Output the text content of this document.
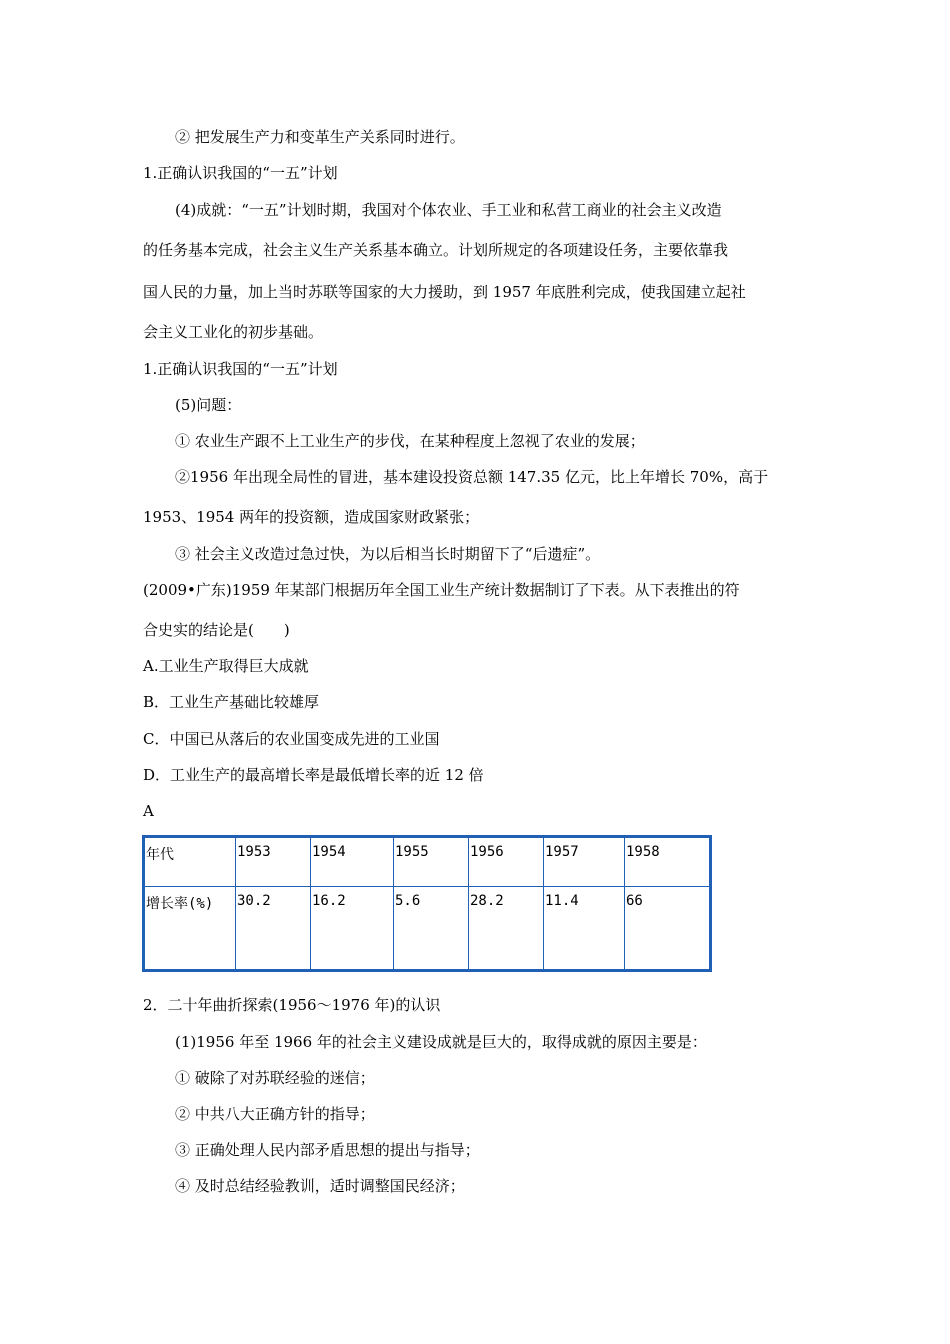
② 把发展生产力和变革生产关系同时进行。
1.正确认识我国的“一五”计划
(4)成就：“一五”计划时期，我国对个体农业、手工业和私营工商业的社会主义改造
的任务基本完成，社会主义生产关系基本确立。计划所规定的各项建设任务，主要依靠我
国人民的力量，加上当时苏联等国家的大力援助，到 1957 年底胜利完成，使我国建立起社
会主义工业化的初步基础。
1.正确认识我国的“一五”计划
(5)问题：
① 农业生产跟不上工业生产的步伐，在某种程度上忽视了农业的发展；
②1956 年出现全局性的冒进，基本建设投资总额 147.35 亿元，比上年增长 70%，高于
1953、1954 两年的投资额，造成国家财政紧张；
③ 社会主义改造过急过快，为以后相当长时期留下了“后遗症”。
(2009•广东)1959 年某部门根据历年全国工业生产统计数据制订了下表。从下表推出的符
合史实的结论是(　　)
A.工业生产取得巨大成就
B．工业生产基础比较雄厚
C．中国已从落后的农业国变成先进的工业国
D．工业生产的最高增长率是最低增长率的近 12 倍
A
年代	1953	1954	1955	1956	1957	1958
增长率(%)	30.2	16.2	5.6	28.2	11.4	66
2．二十年曲折探索(1956～1976 年)的认识
(1)1956 年至 1966 年的社会主义建设成就是巨大的，取得成就的原因主要是：
① 破除了对苏联经验的迷信；
② 中共八大正确方针的指导；
③ 正确处理人民内部矛盾思想的提出与指导；
④ 及时总结经验教训，适时调整国民经济；
